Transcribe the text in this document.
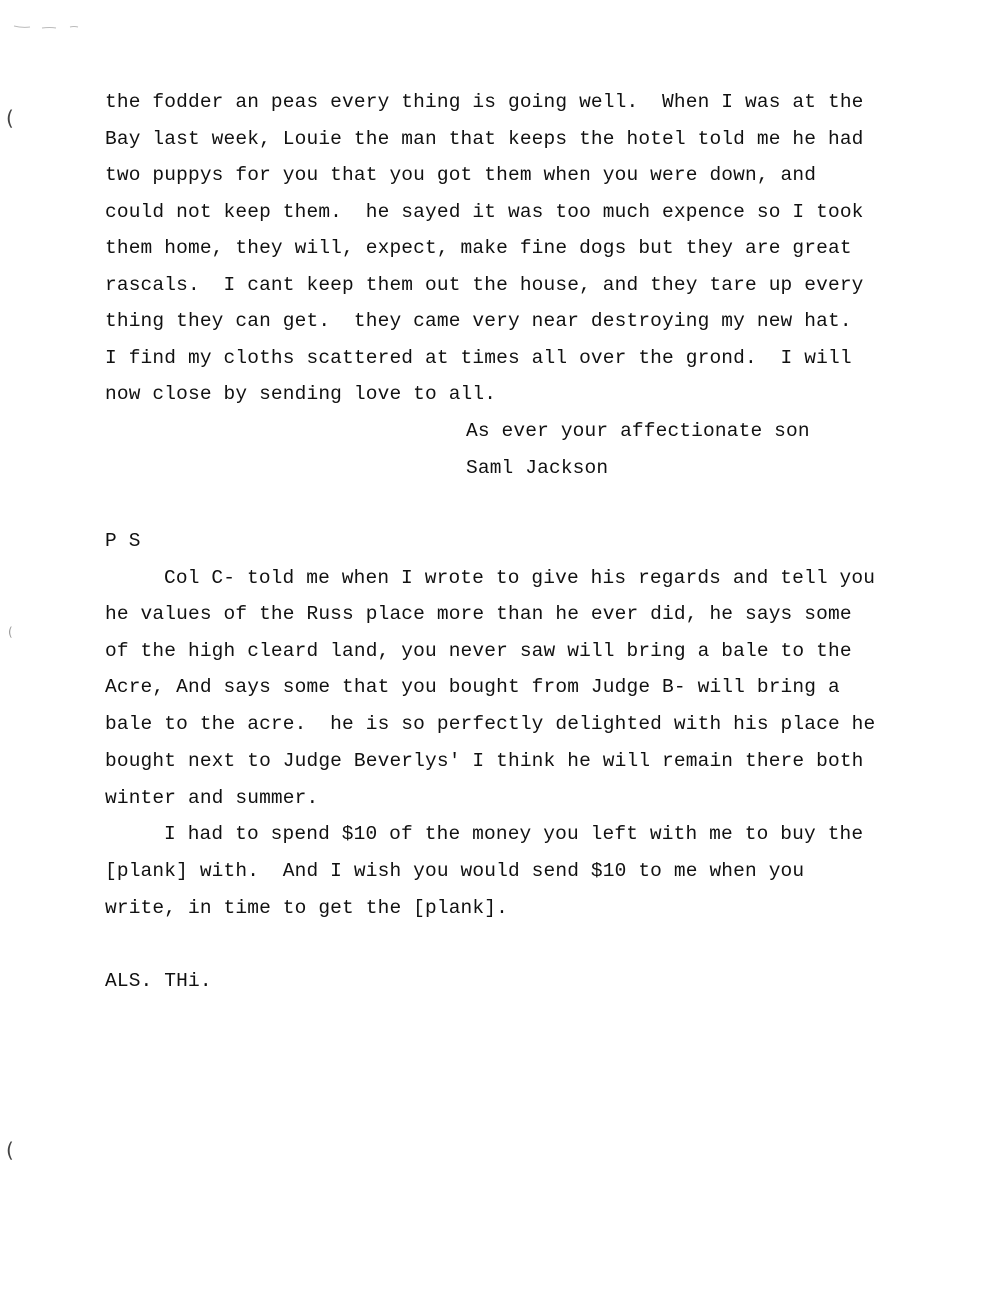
(
(
(
the fodder an peas every thing is going well.  When I was at the
Bay last week, Louie the man that keeps the hotel told me he had
two puppys for you that you got them when you were down, and
could not keep them.  he sayed it was too much expence so I took
them home, they will, expect, make fine dogs but they are great
rascals.  I cant keep them out the house, and they tare up every
thing they can get.  they came very near destroying my new hat.
I find my cloths scattered at times all over the grond.  I will
now close by sending love to all.
As ever your affectionate son
Saml Jackson
P S
Col C- told me when I wrote to give his regards and tell you
he values of the Russ place more than he ever did, he says some
of the high cleard land, you never saw will bring a bale to the
Acre, And says some that you bought from Judge B- will bring a
bale to the acre.  he is so perfectly delighted with his place he
bought next to Judge Beverlys' I think he will remain there both
winter and summer.
I had to spend $10 of the money you left with me to buy the
[plank] with.  And I wish you would send $10 to me when you
write, in time to get the [plank].
ALS. THi.
